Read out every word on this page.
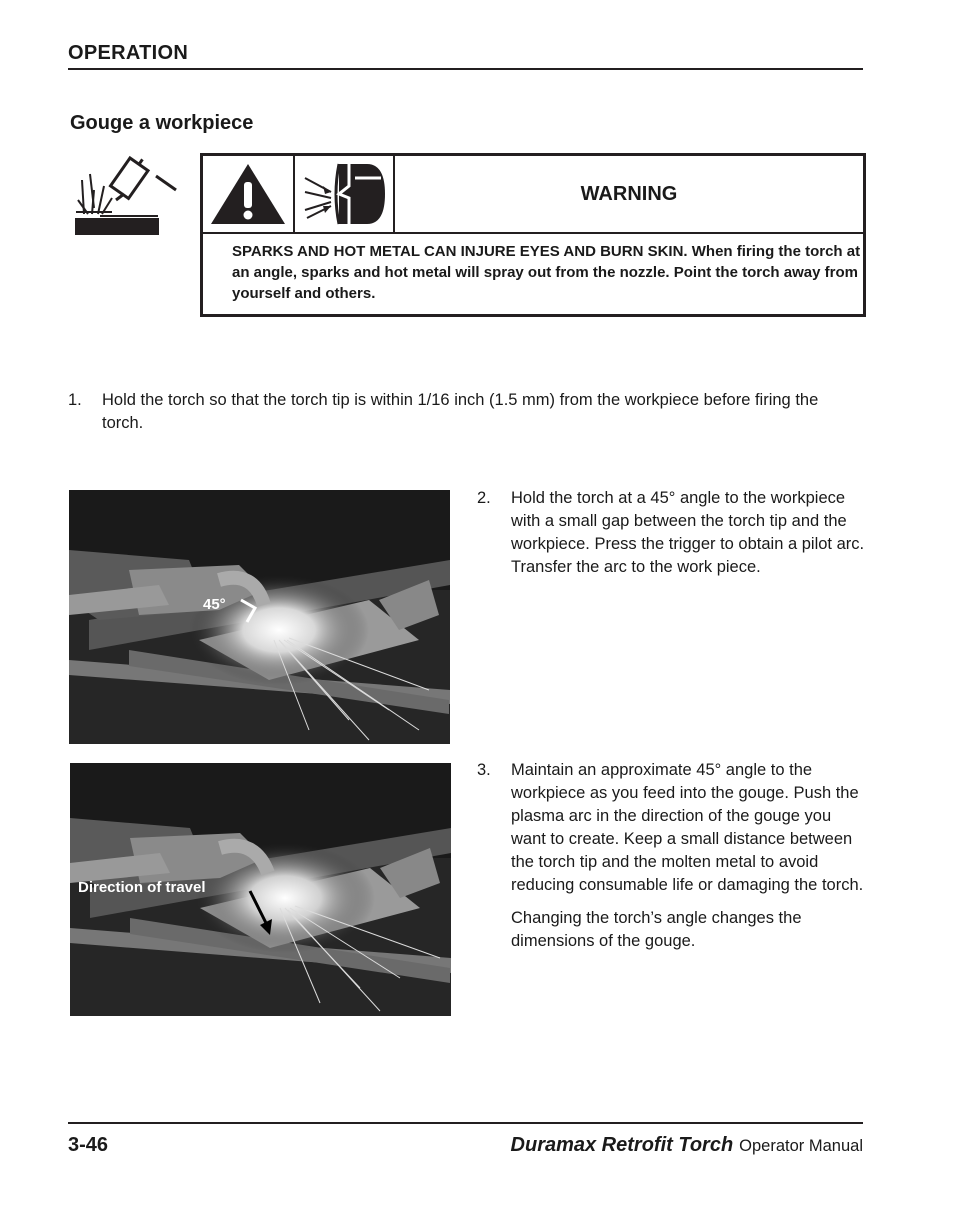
OPERATION
Gouge a workpiece
WARNING
SPARKS AND HOT METAL CAN INJURE EYES AND BURN SKIN. When firing the torch at an angle, sparks and hot metal will spray out from the nozzle. Point the torch away from yourself and others.
1. Hold the torch so that the torch tip is within 1/16 inch (1.5 mm) from the workpiece before firing the torch.
45°
2. Hold the torch at a 45° angle to the workpiece with a small gap between the torch tip and the workpiece. Press the trigger to obtain a pilot arc. Transfer the arc to the work piece.
Direction of travel
3. Maintain an approximate 45° angle to the workpiece as you feed into the gouge. Push the plasma arc in the direction of the gouge you want to create. Keep a small distance between the torch tip and the molten metal to avoid reducing consumable life or damaging the torch.
Changing the torch’s angle changes the dimensions of the gouge.
3-46	Duramax Retrofit Torch Operator Manual
